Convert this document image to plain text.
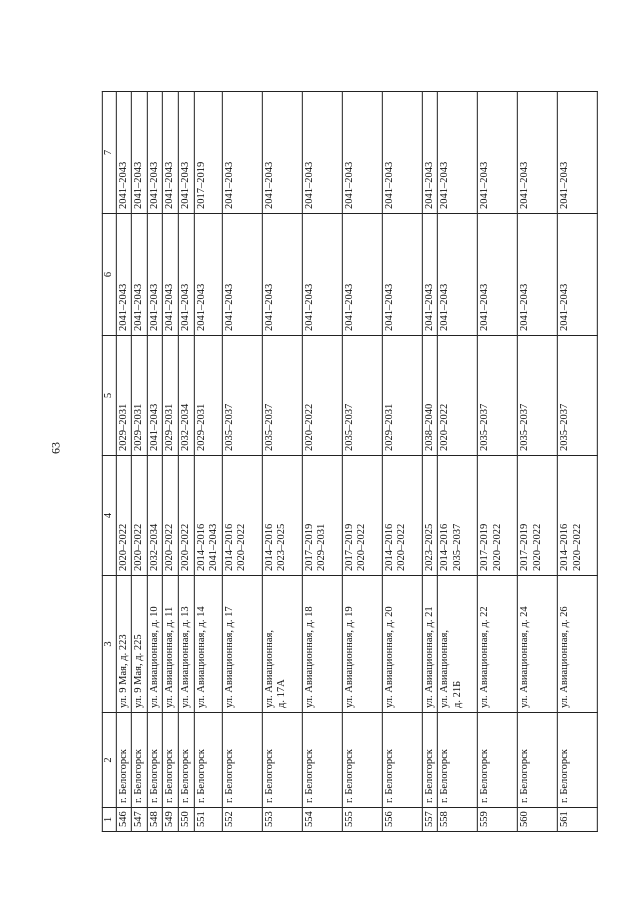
63
1	2	3	4	5	6	7
546	г. Белогорск	ул. 9 Мая, д. 223	2020–2022	2029–2031	2041–2043	2041–2043
547	г. Белогорск	ул. 9 Мая, д. 225	2020–2022	2029–2031	2041–2043	2041–2043
548	г. Белогорск	ул. Авиационная, д. 10	2032–2034	2041–2043	2041–2043	2041–2043
549	г. Белогорск	ул. Авиационная, д. 11	2020–2022	2029–2031	2041–2043	2041–2043
550	г. Белогорск	ул. Авиационная, д. 13	2020–2022	2032–2034	2041–2043	2041–2043
551	г. Белогорск	ул. Авиационная, д. 14	2014–2016 2041–2043	2029–2031	2041–2043	2017–2019
552	г. Белогорск	ул. Авиационная, д. 17	2014–2016 2020–2022	2035–2037	2041–2043	2041–2043
553	г. Белогорск	ул. Авиационная, д. 17А	2014–2016 2023–2025	2035–2037	2041–2043	2041–2043
554	г. Белогорск	ул. Авиационная, д. 18	2017–2019 2029–2031	2020–2022	2041–2043	2041–2043
555	г. Белогорск	ул. Авиационная, д. 19	2017–2019 2020–2022	2035–2037	2041–2043	2041–2043
556	г. Белогорск	ул. Авиационная, д. 20	2014–2016 2020–2022	2029–2031	2041–2043	2041–2043
557	г. Белогорск	ул. Авиационная, д. 21	2023–2025	2038–2040	2041–2043	2041–2043
558	г. Белогорск	ул. Авиационная, д. 21Б	2014–2016 2035–2037	2020–2022	2041–2043	2041–2043
559	г. Белогорск	ул. Авиационная, д. 22	2017–2019 2020–2022	2035–2037	2041–2043	2041–2043
560	г. Белогорск	ул. Авиационная, д. 24	2017–2019 2020–2022	2035–2037	2041–2043	2041–2043
561	г. Белогорск	ул. Авиационная, д. 26	2014–2016 2020–2022	2035–2037	2041–2043	2041–2043
